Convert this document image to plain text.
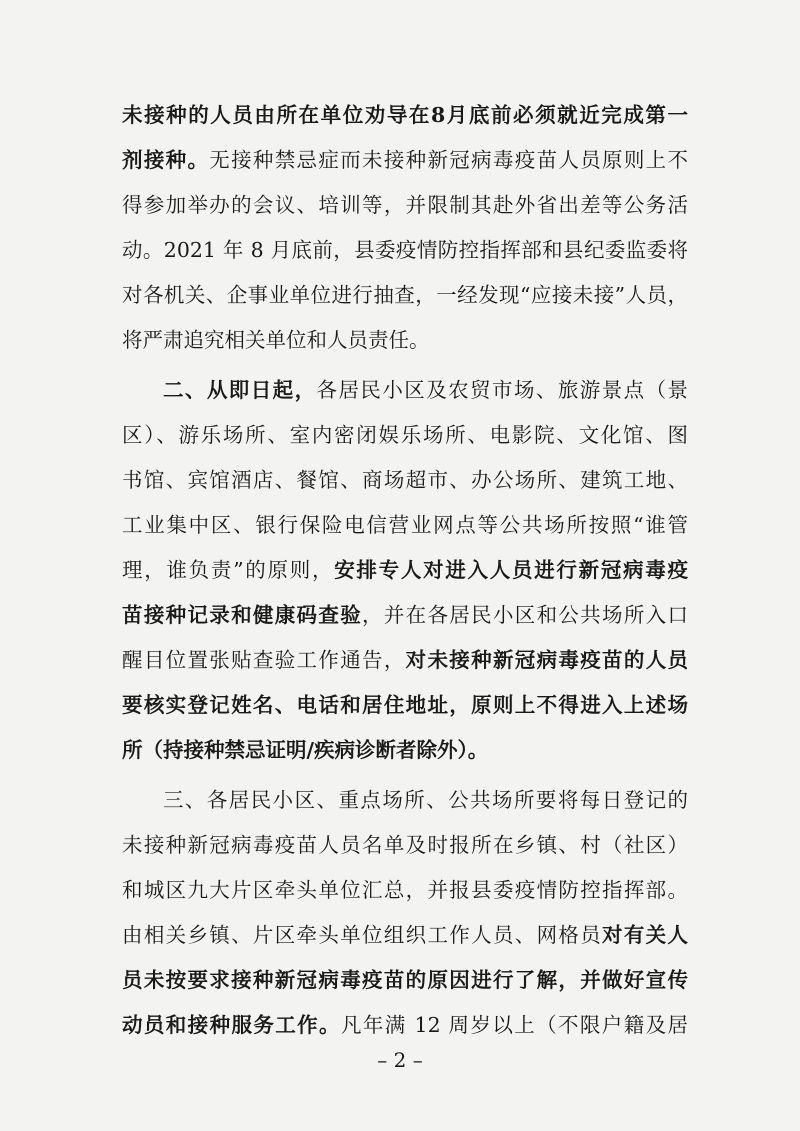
未接种的人员由所在单位劝导在8月底前必须就近完成第一
剂接种。无接种禁忌症而未接种新冠病毒疫苗人员原则上不
得参加举办的会议、培训等，并限制其赴外省出差等公务活
动。2021 年 8 月底前，县委疫情防控指挥部和县纪委监委将
对各机关、企事业单位进行抽查，一经发现“应接未接”人员，
将严肃追究相关单位和人员责任。
二、从即日起，各居民小区及农贸市场、旅游景点（景
区）、游乐场所、室内密闭娱乐场所、电影院、文化馆、图
书馆、宾馆酒店、餐馆、商场超市、办公场所、建筑工地、
工业集中区、银行保险电信营业网点等公共场所按照“谁管
理，谁负责”的原则，安排专人对进入人员进行新冠病毒疫
苗接种记录和健康码查验，并在各居民小区和公共场所入口
醒目位置张贴查验工作通告，对未接种新冠病毒疫苗的人员
要核实登记姓名、电话和居住地址，原则上不得进入上述场
所（持接种禁忌证明/疾病诊断者除外）。
三、各居民小区、重点场所、公共场所要将每日登记的
未接种新冠病毒疫苗人员名单及时报所在乡镇、村（社区）
和城区九大片区牵头单位汇总，并报县委疫情防控指挥部。
由相关乡镇、片区牵头单位组织工作人员、网格员对有关人
员未按要求接种新冠病毒疫苗的原因进行了解，并做好宣传
动员和接种服务工作。凡年满 12 周岁以上（不限户籍及居
– 2 –
